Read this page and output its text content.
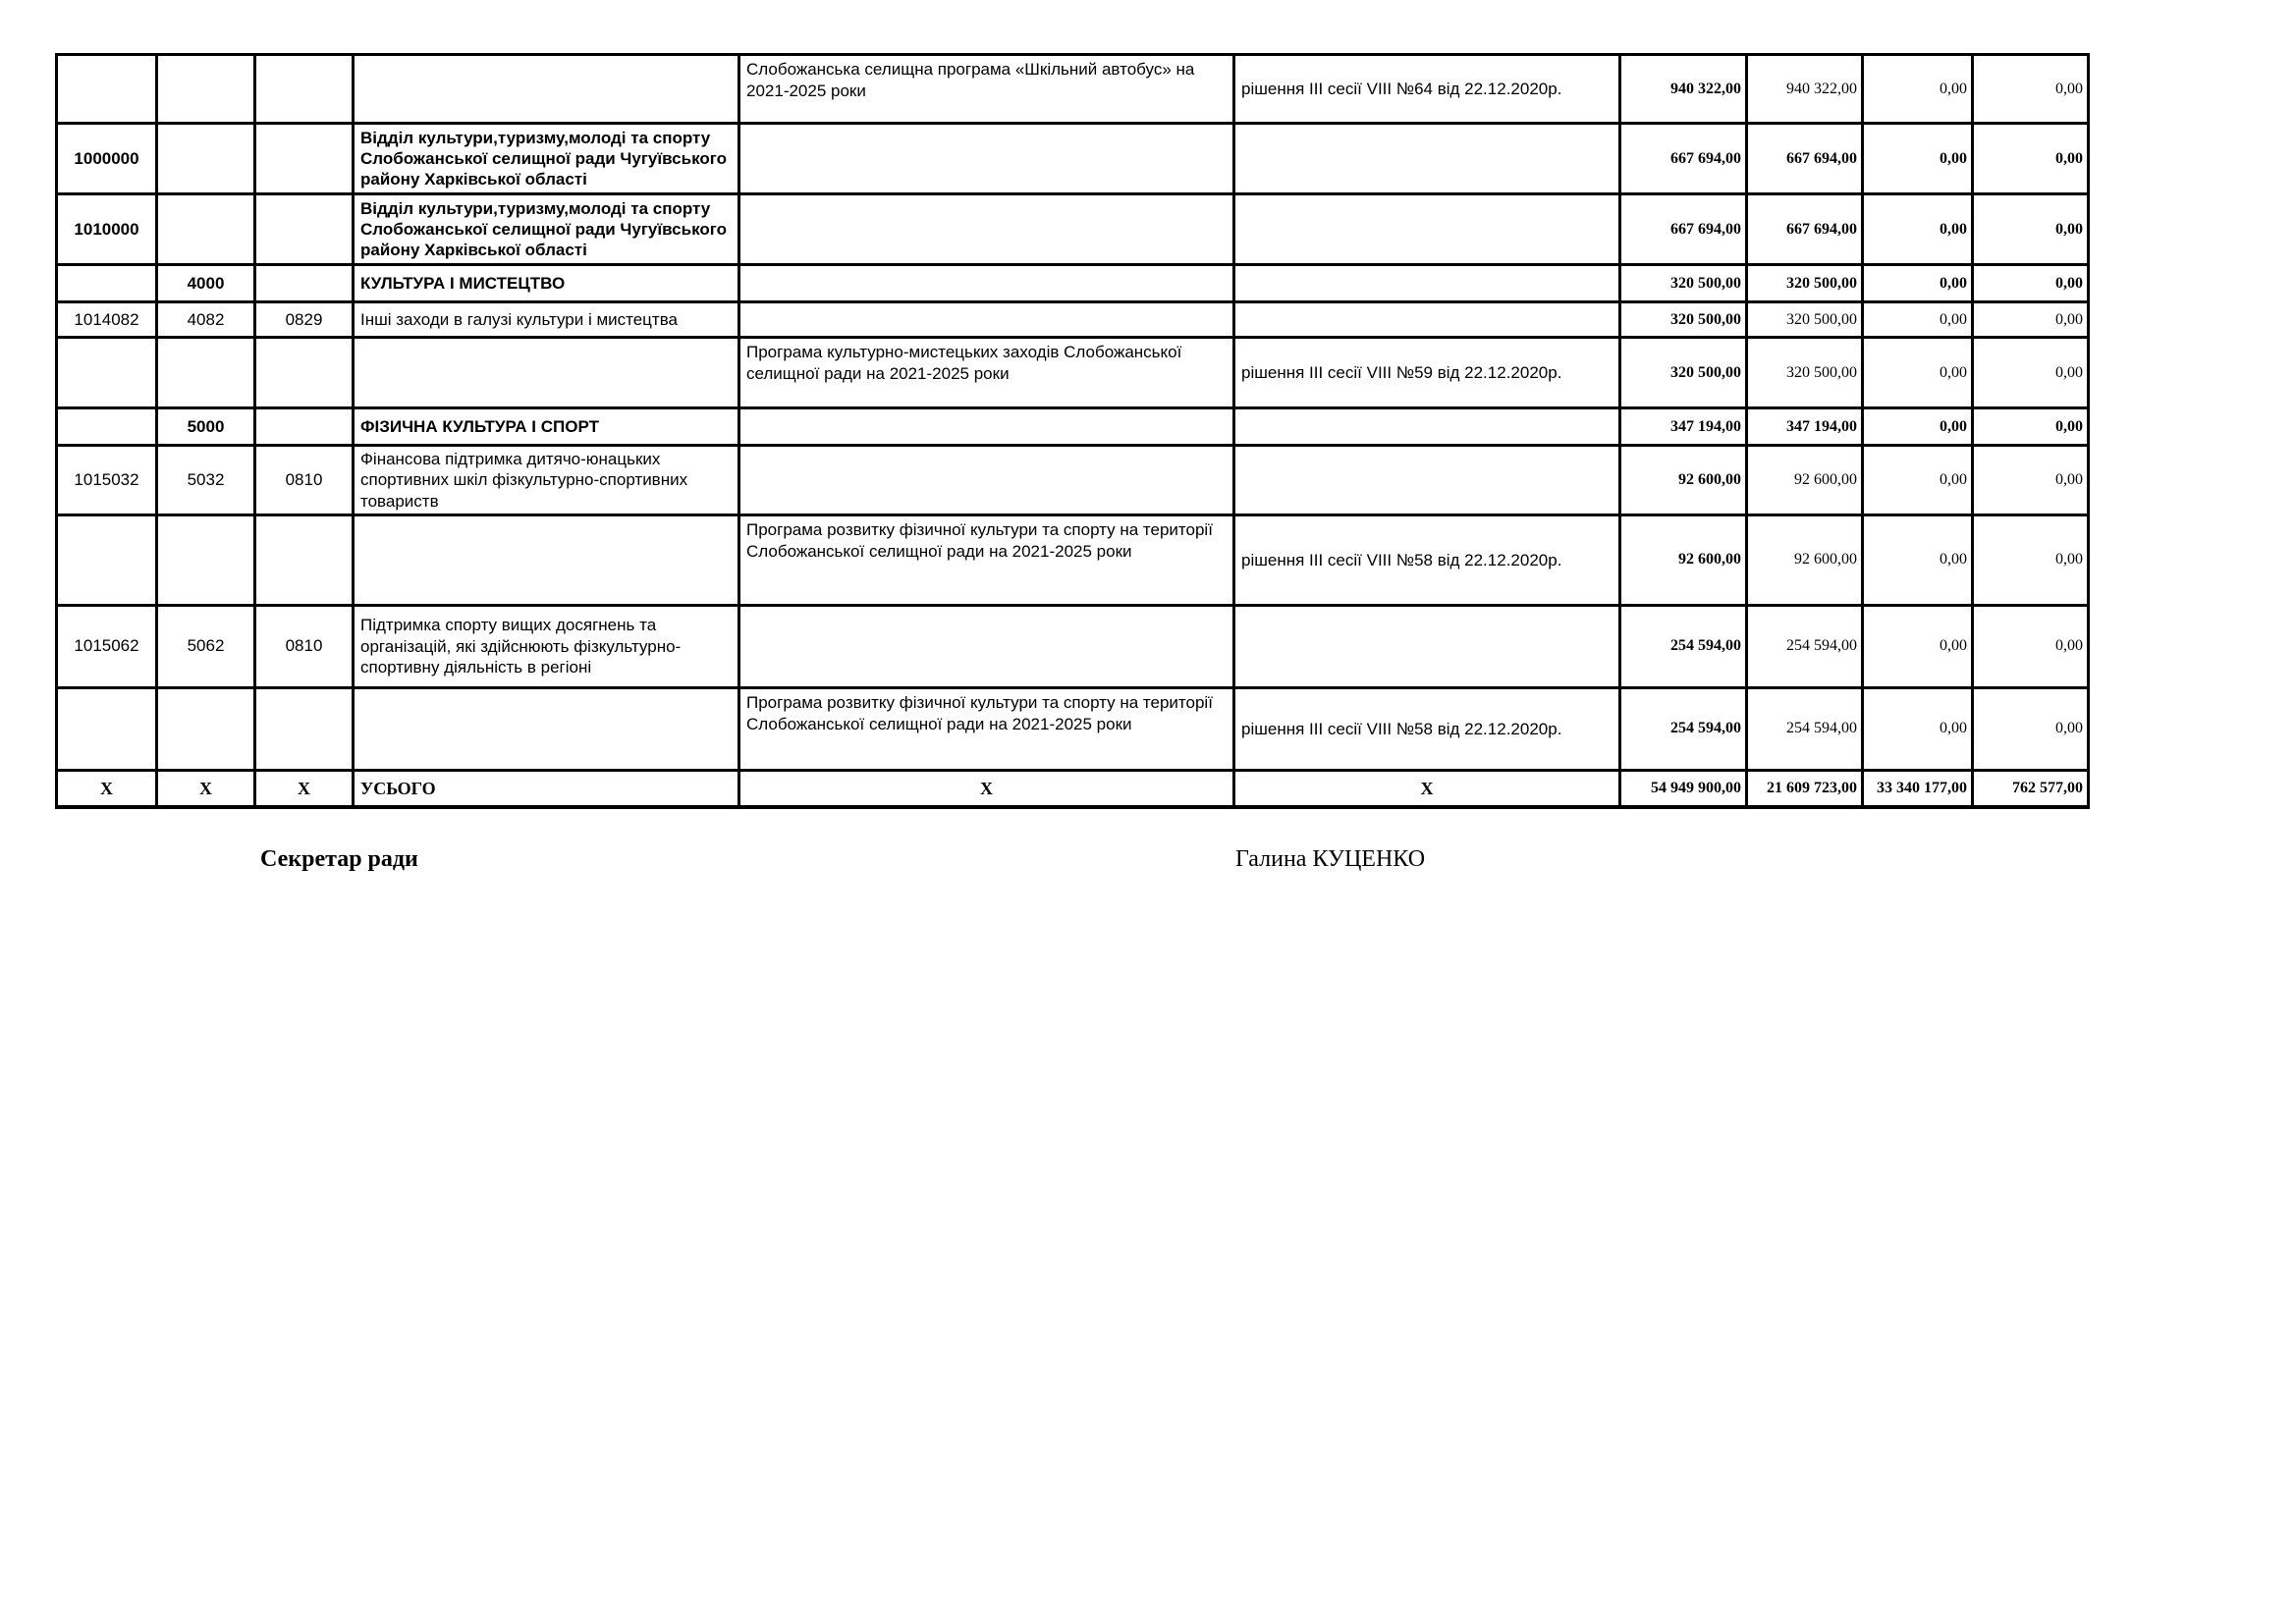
				Слобожанська селищна програма «Шкільний автобус» на 2021-2025 роки	рішення III сесії VIII №64 від 22.12.2020р.	940 322,00	940 322,00	0,00	0,00
1000000			Відділ культури,туризму,молоді та спорту Слобожанської селищної ради Чугуївського району Харківської області			667 694,00	667 694,00	0,00	0,00
1010000			Відділ культури,туризму,молоді та спорту Слобожанської селищної ради Чугуївського району Харківської області			667 694,00	667 694,00	0,00	0,00
	4000		КУЛЬТУРА І МИСТЕЦТВО			320 500,00	320 500,00	0,00	0,00
1014082	4082	0829	Інші заходи в галузі культури і мистецтва			320 500,00	320 500,00	0,00	0,00
				Програма культурно-мистецьких заходів Слобожанської селищної ради на 2021-2025 роки	рішення III сесії VIII №59 від 22.12.2020р.	320 500,00	320 500,00	0,00	0,00
	5000		ФІЗИЧНА КУЛЬТУРА І СПОРТ			347 194,00	347 194,00	0,00	0,00
1015032	5032	0810	Фінансова підтримка дитячо-юнацьких спортивних шкіл фізкультурно-спортивних товариств			92 600,00	92 600,00	0,00	0,00
				Програма розвитку фізичної культури та спорту на території Слобожанської селищної ради на 2021-2025 роки	рішення III сесії VIII №58 від 22.12.2020р.	92 600,00	92 600,00	0,00	0,00
1015062	5062	0810	Підтримка спорту вищих досягнень та організацій, які здійснюють фізкультурно-спортивну діяльність в регіоні			254 594,00	254 594,00	0,00	0,00
				Програма розвитку фізичної культури та спорту на території Слобожанської селищної ради на 2021-2025 роки	рішення III сесії VIII №58 від 22.12.2020р.	254 594,00	254 594,00	0,00	0,00
X	X	X	УСЬОГО	X	X	54 949 900,00	21 609 723,00	33 340 177,00	762 577,00
Секретар ради	Галина КУЦЕНКО
